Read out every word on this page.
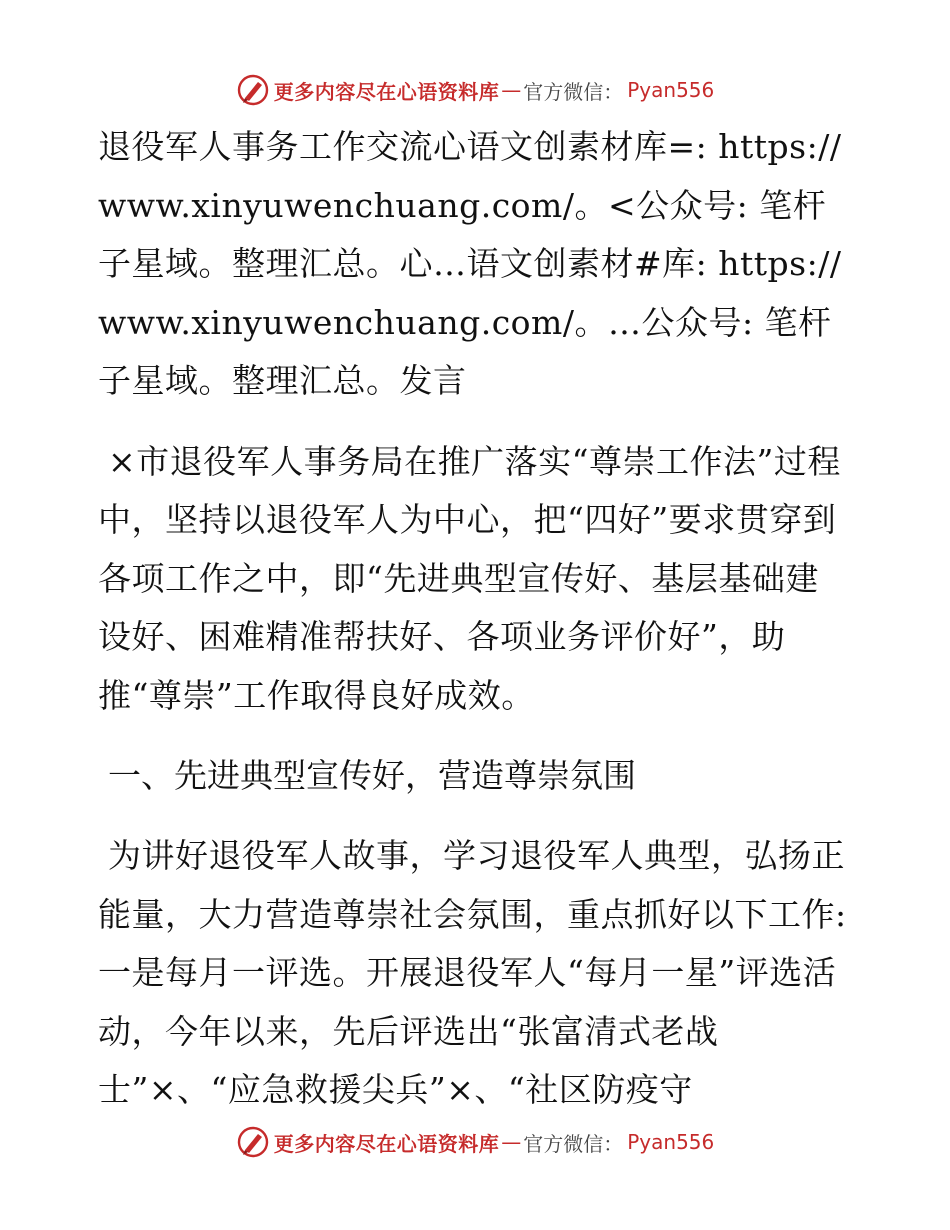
更多内容尽在心语资料库 — 官方微信： Pyan556

退役军人事务工作交流心语文创素材库=: https://www.xinyuwenchuang.com/。<公众号: 笔杆子星域。整理汇总。心…语文创素材#库: https://www.xinyuwenchuang.com/。…公众号: 笔杆子星域。整理汇总。发言

×市退役军人事务局在推广落实“尊崇工作法”过程中，坚持以退役军人为中心，把“四好”要求贯穿到各项工作之中，即“先进典型宣传好、基层基础建设好、困难精准帮扶好、各项业务评价好”，助推“尊崇”工作取得良好成效。

一、先进典型宣传好，营造尊崇氛围

为讲好退役军人故事，学习退役军人典型，弘扬正能量，大力营造尊崇社会氛围，重点抓好以下工作: 一是每月一评选。开展退役军人“每月一星”评选活动，今年以来，先后评选出“张富清式老战士”×、“应急救援尖兵”×、“社区防疫守

更多内容尽在心语资料库 — 官方微信： Pyan556
